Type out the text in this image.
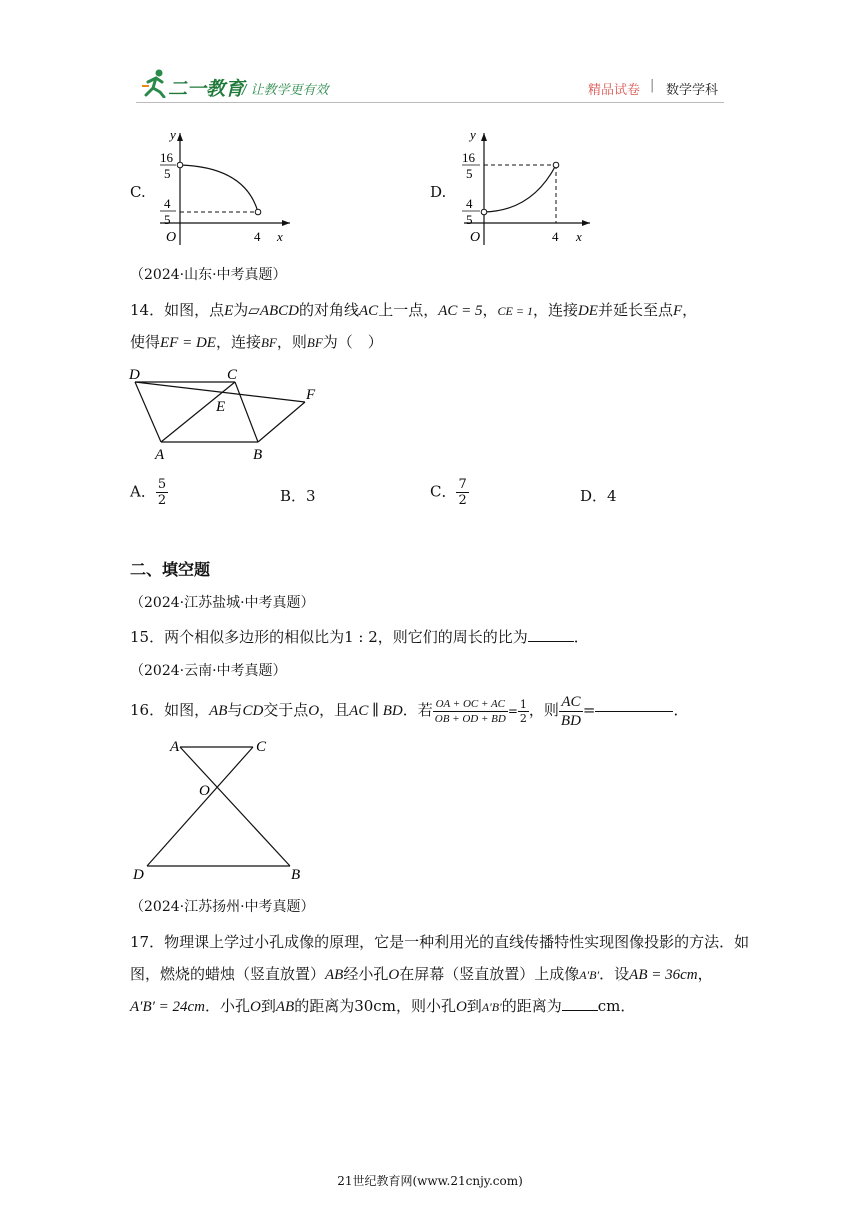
二一教育
/ 让教学更有效	精品试卷 | 数学学科
C.
y
x
O
16
5
4
5
4
D.
y
x
O
16
5
4
5
4
（2024·山东·中考真题）
14．如图，点E为▱ABCD的对角线AC上一点，AC = 5，CE = 1，连接DE并延长至点F，
使得EF = DE，连接BF，则BF为（　）
D	C
E
F
A	B
A． $\frac{5}{2}$	B．3	C． $\frac{7}{2}$	D．4
二、填空题
（2024·江苏盐城·中考真题）
15．两个相似多边形的相似比为1 : 2，则它们的周长的比为	．
（2024·云南·中考真题）
16．如图，AB与CD交于点O，且AC ∥ BD．若 $\frac{OA + OC + AC}{OB + OD + BD} = \frac{1}{2}$ ，则 $\frac{AC}{BD}$ =	．
A	C
O
D	B
（2024·江苏扬州·中考真题）
17．物理课上学过小孔成像的原理，它是一种利用光的直线传播特性实现图像投影的方法．如
图，燃烧的蜡烛（竖直放置）AB经小孔O在屏幕（竖直放置）上成像A′B′．设AB = 36cm，
A′B′ = 24cm．小孔O到AB的距离为30cm，则小孔O到A′B′的距离为 cm．
21世纪教育网(www.21cnjy.com)
